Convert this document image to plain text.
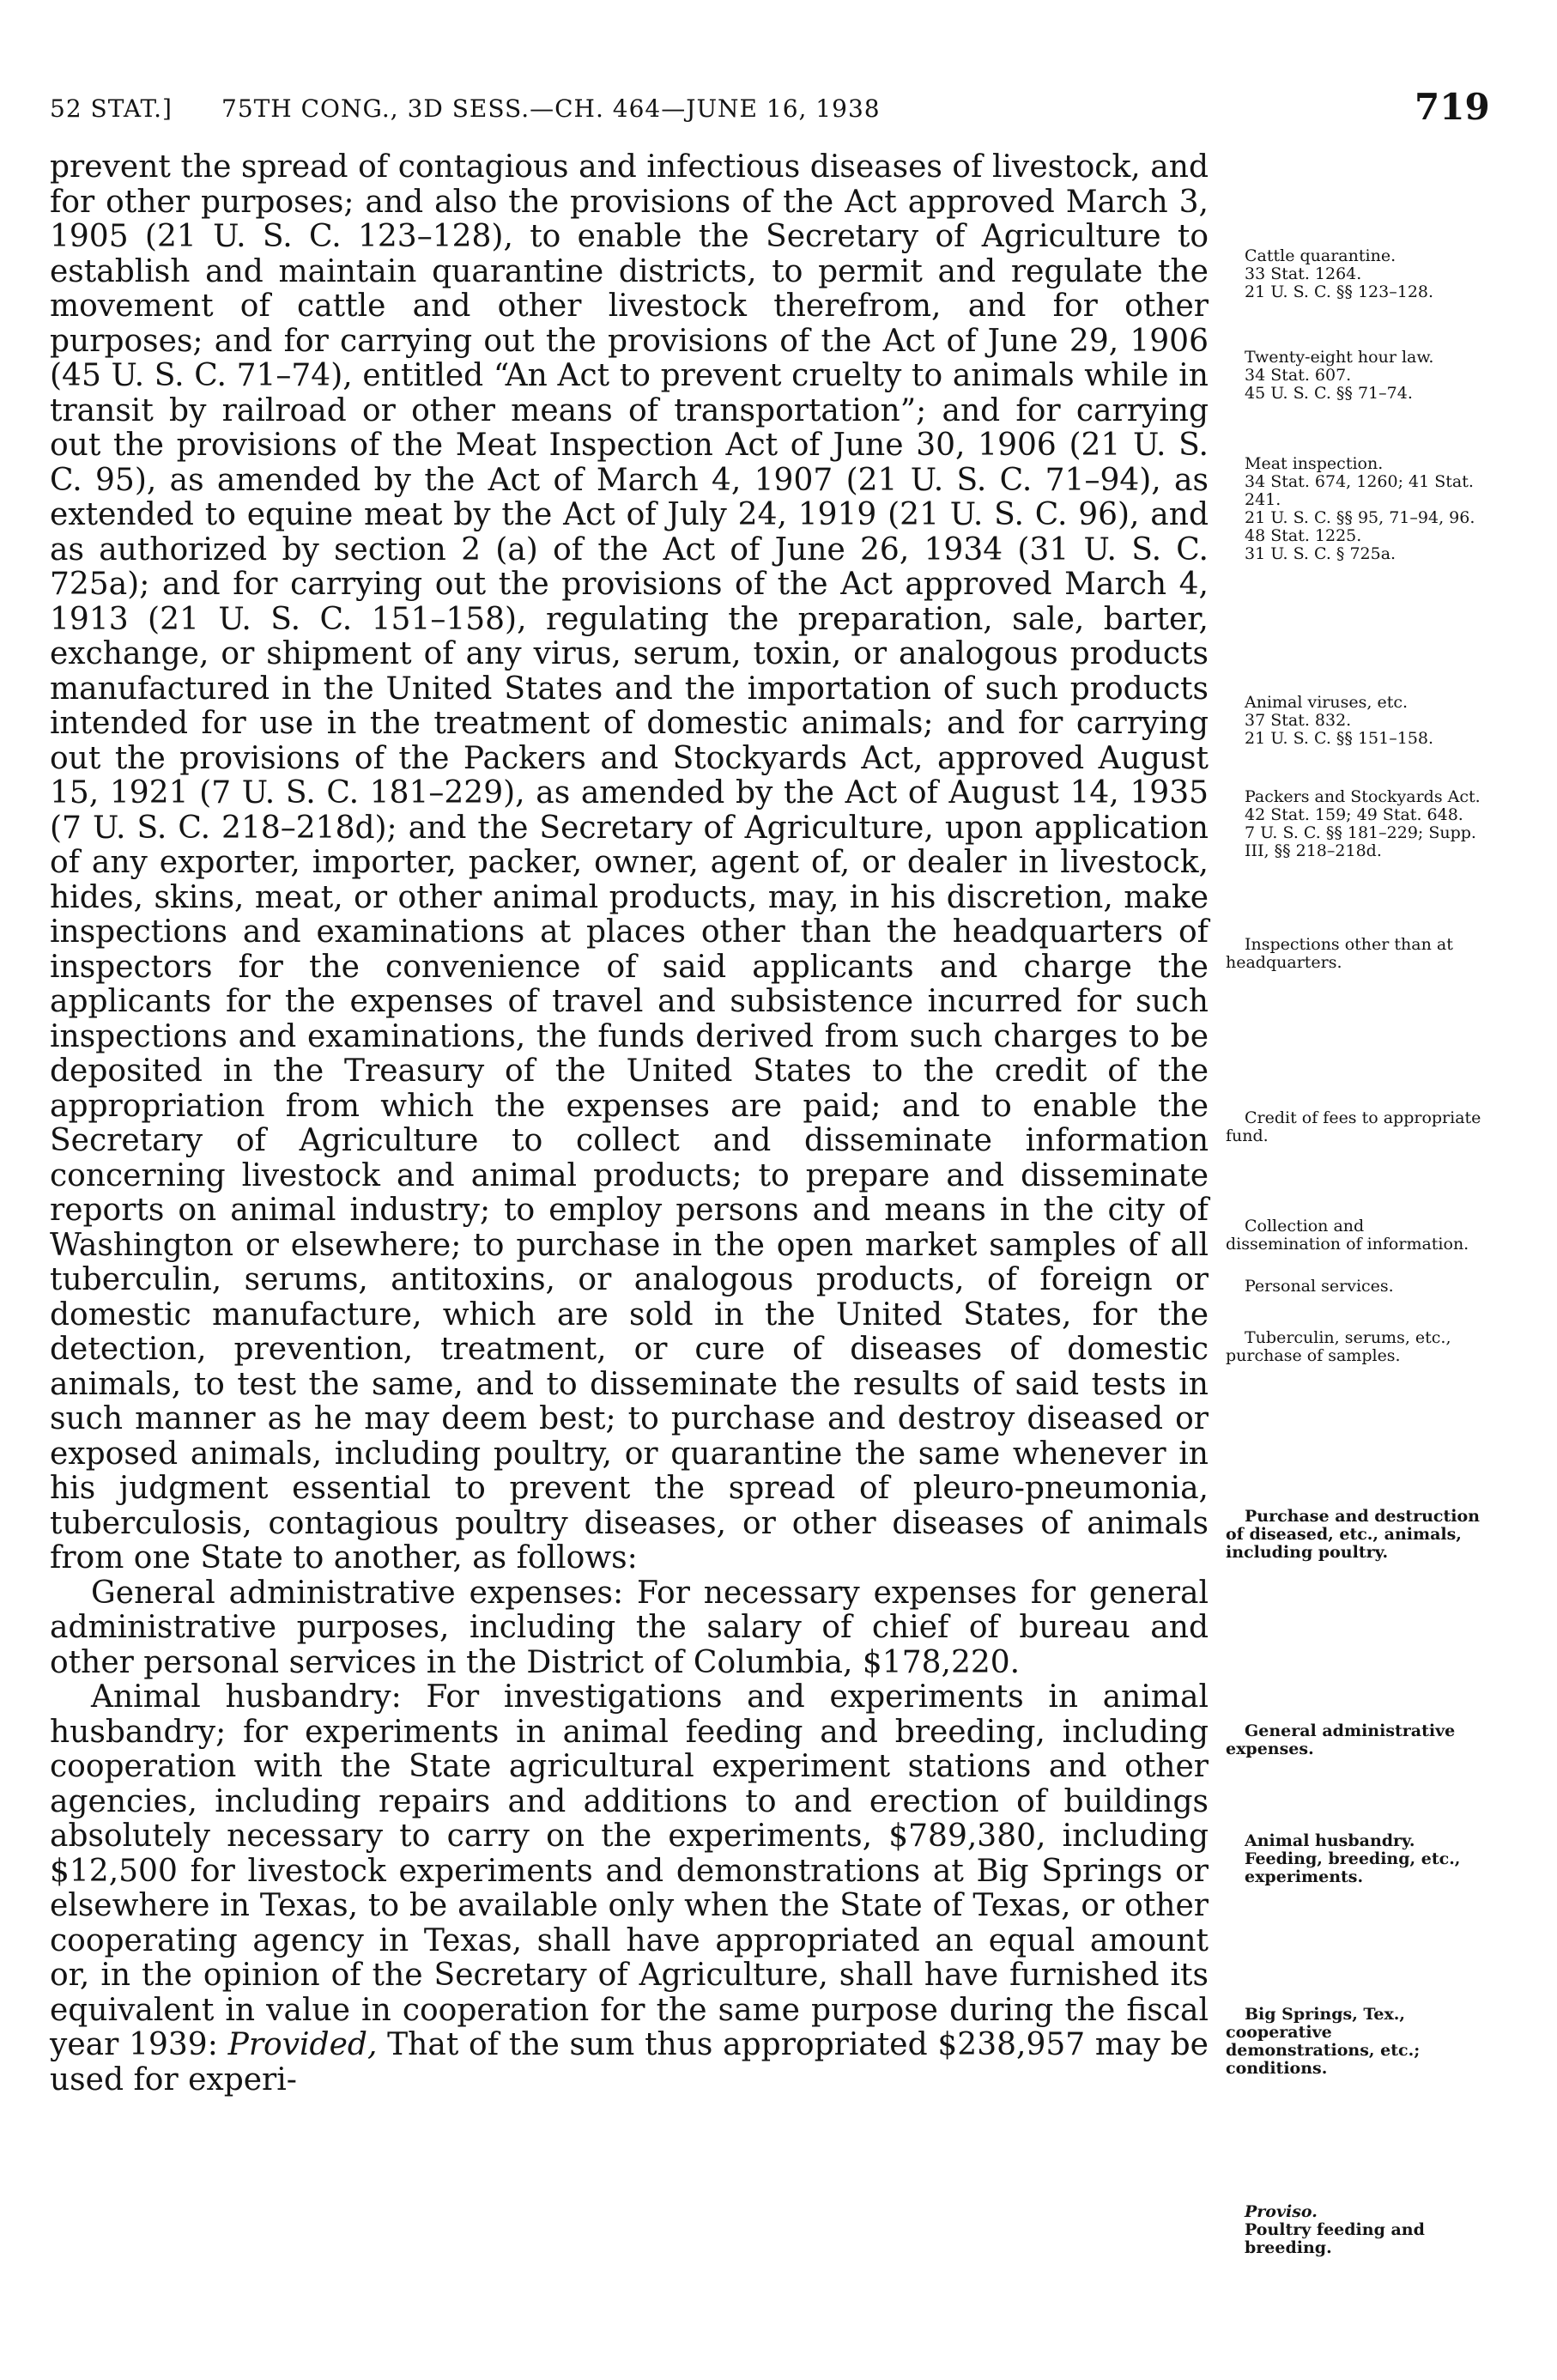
52 STAT.] 75TH CONG., 3D SESS.—CH. 464—JUNE 16, 1938	719

prevent the spread of contagious and infectious diseases of livestock, and for other purposes; and also the provisions of the Act approved March 3, 1905 (21 U. S. C. 123–128), to enable the Secretary of Agriculture to establish and maintain quarantine districts, to permit and regulate the movement of cattle and other livestock therefrom, and for other purposes; and for carrying out the provisions of the Act of June 29, 1906 (45 U. S. C. 71–74), entitled “An Act to prevent cruelty to animals while in transit by railroad or other means of transportation”; and for carrying out the provisions of the Meat Inspection Act of June 30, 1906 (21 U. S. C. 95), as amended by the Act of March 4, 1907 (21 U. S. C. 71–94), as extended to equine meat by the Act of July 24, 1919 (21 U. S. C. 96), and as authorized by section 2 (a) of the Act of June 26, 1934 (31 U. S. C. 725a); and for carrying out the provisions of the Act approved March 4, 1913 (21 U. S. C. 151–158), regulating the preparation, sale, barter, exchange, or shipment of any virus, serum, toxin, or analogous products manufactured in the United States and the importation of such products intended for use in the treatment of domestic animals; and for carrying out the provisions of the Packers and Stockyards Act, approved August 15, 1921 (7 U. S. C. 181–229), as amended by the Act of August 14, 1935 (7 U. S. C. 218–218d); and the Secretary of Agriculture, upon application of any exporter, importer, packer, owner, agent of, or dealer in livestock, hides, skins, meat, or other animal products, may, in his discretion, make inspections and examinations at places other than the headquarters of inspectors for the convenience of said applicants and charge the applicants for the expenses of travel and subsistence incurred for such inspections and examinations, the funds derived from such charges to be deposited in the Treasury of the United States to the credit of the appropriation from which the expenses are paid; and to enable the Secretary of Agriculture to collect and disseminate information concerning livestock and animal products; to prepare and disseminate reports on animal industry; to employ persons and means in the city of Washington or elsewhere; to purchase in the open market samples of all tuberculin, serums, antitoxins, or analogous products, of foreign or domestic manufacture, which are sold in the United States, for the detection, prevention, treatment, or cure of diseases of domestic animals, to test the same, and to disseminate the results of said tests in such manner as he may deem best; to purchase and destroy diseased or exposed animals, including poultry, or quarantine the same whenever in his judgment essential to prevent the spread of pleuro-pneumonia, tuberculosis, contagious poultry diseases, or other diseases of animals from one State to another, as follows:

General administrative expenses: For necessary expenses for general administrative purposes, including the salary of chief of bureau and other personal services in the District of Columbia, $178,220.

Animal husbandry: For investigations and experiments in animal husbandry; for experiments in animal feeding and breeding, including cooperation with the State agricultural experiment stations and other agencies, including repairs and additions to and erection of buildings absolutely necessary to carry on the experiments, $789,380, including $12,500 for livestock experiments and demonstrations at Big Springs or elsewhere in Texas, to be available only when the State of Texas, or other cooperating agency in Texas, shall have appropriated an equal amount or, in the opinion of the Secretary of Agriculture, shall have furnished its equivalent in value in cooperation for the same purpose during the fiscal year 1939: Provided, That of the sum thus appropriated $238,957 may be used for experi-

Cattle quarantine.

33 Stat. 1264.

21 U. S. C. §§ 123–128.

Twenty-eight hour law.

34 Stat. 607.

45 U. S. C. §§ 71–74.

Meat inspection.

34 Stat. 674, 1260; 41 Stat. 241.

21 U. S. C. §§ 95, 71–94, 96.

48 Stat. 1225.

31 U. S. C. § 725a.

Animal viruses, etc.

37 Stat. 832.

21 U. S. C. §§ 151–158.

Packers and Stockyards Act.

42 Stat. 159; 49 Stat. 648.

7 U. S. C. §§ 181–229; Supp. III, §§ 218–218d.

Inspections other than at headquarters.

Credit of fees to appropriate fund.

Collection and dissemination of information.

Personal services.

Tuberculin, serums, etc., purchase of samples.

Purchase and destruction of diseased, etc., animals, including poultry.

General administrative expenses.

Animal husbandry.

Feeding, breeding, etc., experiments.

Big Springs, Tex., cooperative demonstrations, etc.; conditions.

Proviso.

Poultry feeding and breeding.
